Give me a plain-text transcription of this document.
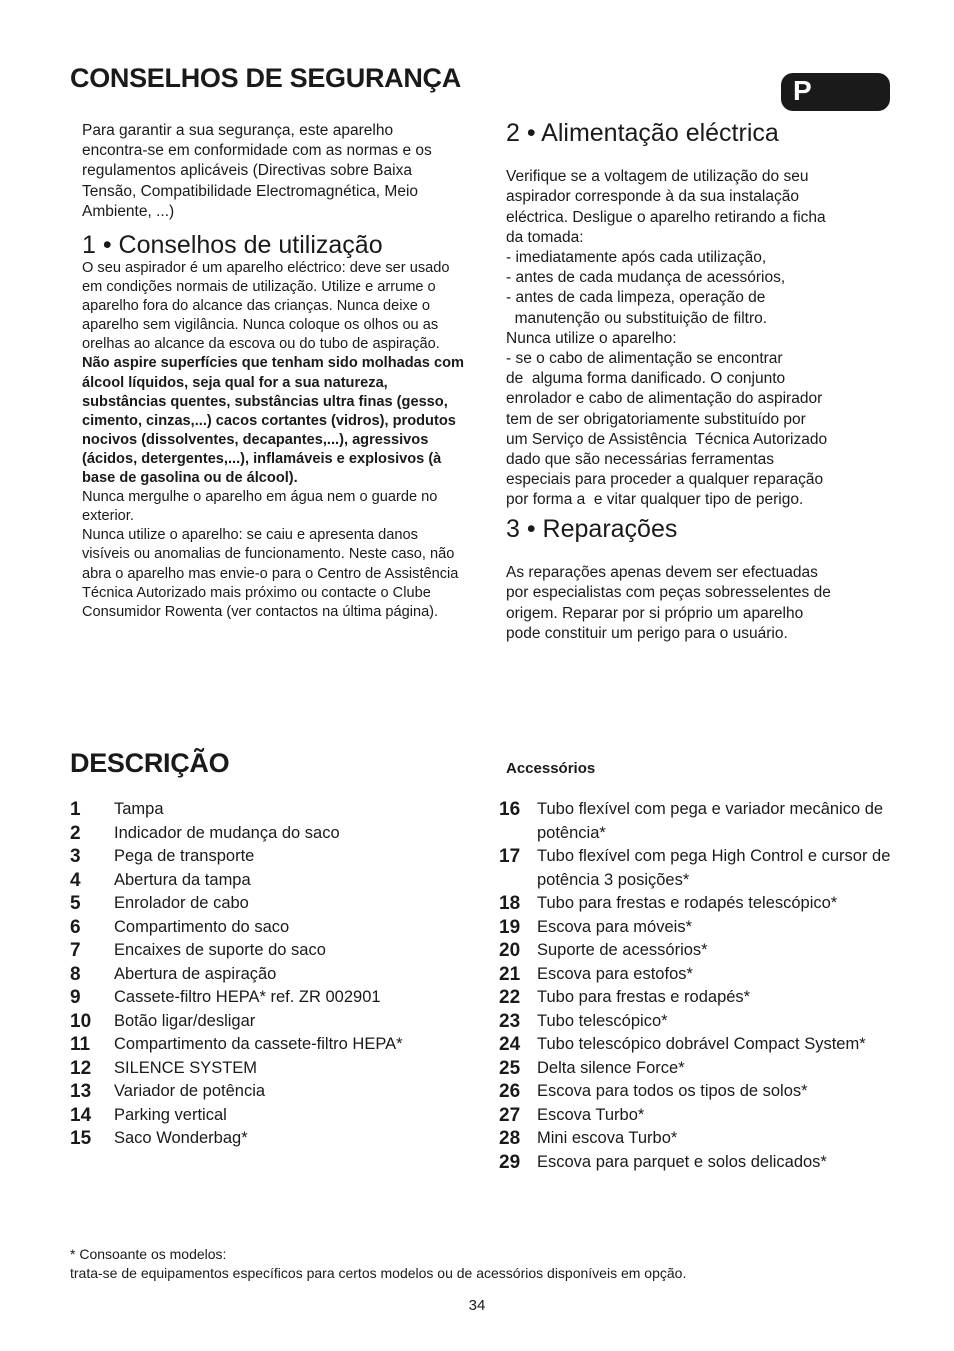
CONSELHOS DE SEGURANÇA	P
Para garantir a sua segurança, este aparelho encontra-se em conformidade com as normas e os regulamentos aplicáveis (Directivas sobre Baixa Tensão, Compatibilidade Electromagnética, Meio Ambiente, ...)
1 • Conselhos de utilização
O seu aspirador é um aparelho eléctrico: deve ser usado em condições normais de utilização. Utilize e arrume o aparelho fora do alcance das crianças. Nunca deixe o aparelho sem vigilância. Nunca coloque os olhos ou as orelhas ao alcance da escova ou do tubo de aspiração. Não aspire superfícies que tenham sido molhadas com álcool líquidos, seja qual for a sua natureza, substâncias quentes, substâncias ultra finas (gesso, cimento, cinzas,...) cacos cortantes (vidros), produtos nocivos (dissolventes, decapantes,...), agressivos (ácidos, detergentes,...), inflamáveis e explosivos (à base de gasolina ou de álcool).
Nunca mergulhe o aparelho em água nem o guarde no exterior.
Nunca utilize o aparelho: se caiu e apresenta danos visíveis ou anomalias de funcionamento. Neste caso, não abra o aparelho mas envie-o para o Centro de Assistência Técnica Autorizado mais próximo ou contacte o Clube Consumidor Rowenta (ver contactos na última página).
2 • Alimentação eléctrica

Verifique se a voltagem de utilização do seu
aspirador corresponde à da sua instalação
eléctrica. Desligue o aparelho retirando a ficha
da tomada:
- imediatamente após cada utilização,
- antes de cada mudança de acessórios,
- antes de cada limpeza, operação de
manutenção ou substituição de filtro.
Nunca utilize o aparelho:
- se o cabo de alimentação se encontrar
de  alguma forma danificado. O conjunto
enrolador e cabo de alimentação do aspirador
tem de ser obrigatoriamente substituído por
um Serviço de Assistência  Técnica Autorizado
dado que são necessárias ferramentas
especiais para proceder a qualquer reparação
por forma a  e vitar qualquer tipo de perigo.

3 • Reparações

As reparações apenas devem ser efectuadas
por especialistas com peças sobresselentes de
origem. Reparar por si próprio um aparelho
pode constituir um perigo para o usuário.

DESCRIÇÃO	Accessórios
1	Tampa
2	Indicador de mudança do saco
3	Pega de transporte
4	Abertura da tampa
5	Enrolador de cabo
6	Compartimento do saco
7	Encaixes de suporte do saco
8	Abertura de aspiração
9	Cassete-filtro HEPA* ref. ZR 002901
10	Botão ligar/desligar
11	Compartimento da cassete-filtro HEPA*
12	SILENCE SYSTEM
13	Variador de potência
14	Parking vertical
15	Saco Wonderbag*
16	Tubo flexível com pega e variador mecânico de potência*
17	Tubo flexível com pega High Control e cursor de potência 3 posições*
18	Tubo para frestas e rodapés telescópico*
19	Escova para móveis*
20	Suporte de acessórios*
21	Escova para estofos*
22	Tubo para frestas e rodapés*
23	Tubo telescópico*
24	Tubo telescópico dobrável Compact System*
25	Delta silence Force*
26	Escova para todos os tipos de solos*
27	Escova Turbo*
28	Mini escova Turbo*
29	Escova para parquet e solos delicados*
* Consoante os modelos:
trata-se de equipamentos específicos para certos modelos ou de acessórios disponíveis em opção.
34
